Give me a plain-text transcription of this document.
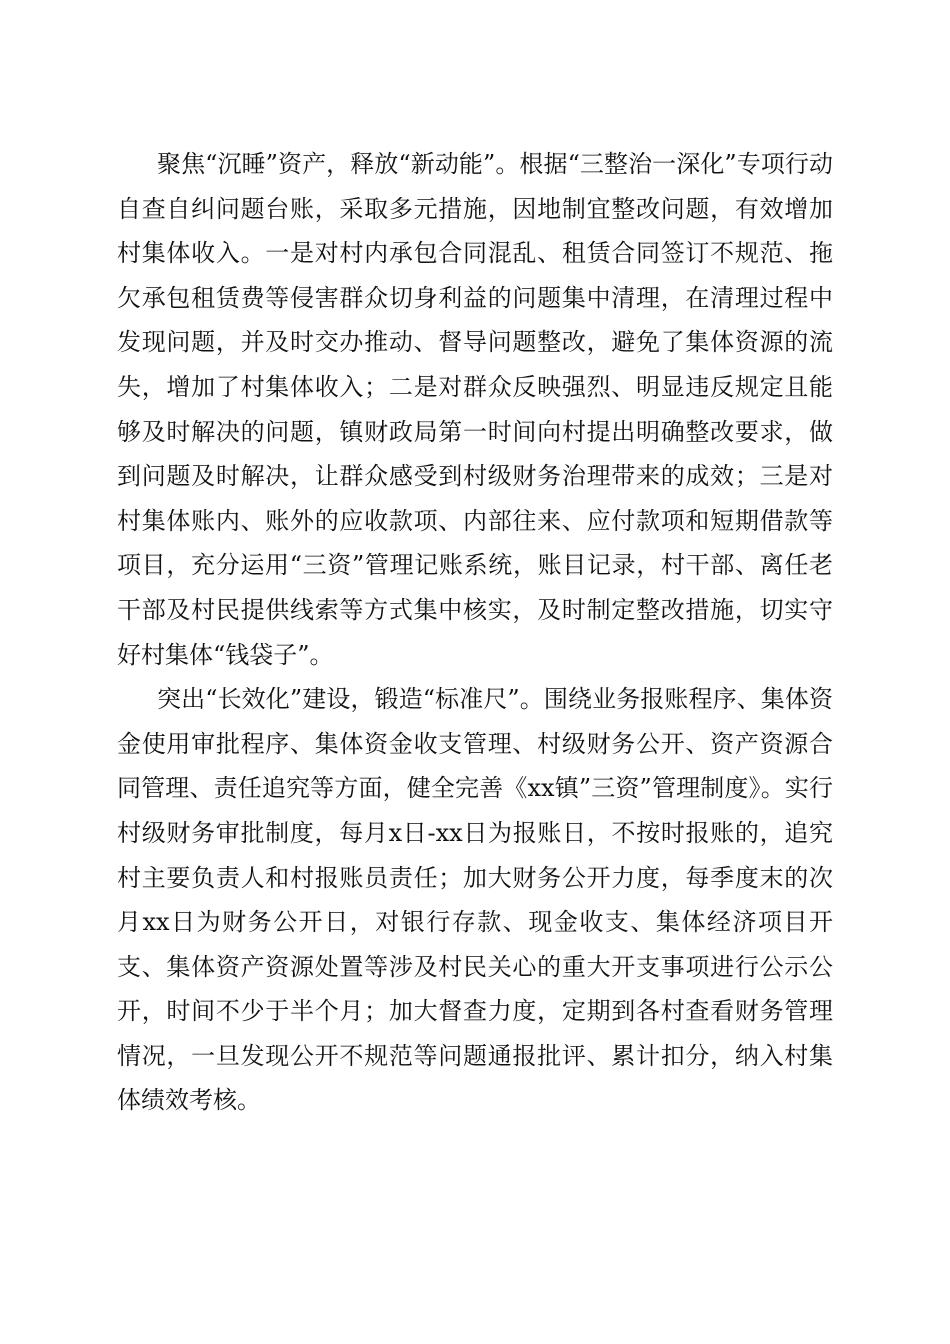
聚焦“沉睡”资产，释放“新动能”。根据“三整治一深化”专项行动自查自纠问题台账，采取多元措施，因地制宜整改问题，有效增加村集体收入。一是对村内承包合同混乱、租赁合同签订不规范、拖欠承包租赁费等侵害群众切身利益的问题集中清理，在清理过程中发现问题，并及时交办推动、督导问题整改，避免了集体资源的流失，增加了村集体收入；二是对群众反映强烈、明显违反规定且能够及时解决的问题，镇财政局第一时间向村提出明确整改要求，做到问题及时解决，让群众感受到村级财务治理带来的成效；三是对村集体账内、账外的应收款项、内部往来、应付款项和短期借款等项目，充分运用“三资”管理记账系统，账目记录，村干部、离任老干部及村民提供线索等方式集中核实，及时制定整改措施，切实守好村集体“钱袋子”。

突出“长效化”建设，锻造“标准尺”。围绕业务报账程序、集体资金使用审批程序、集体资金收支管理、村级财务公开、资产资源合同管理、责任追究等方面，健全完善《xx镇”三资”管理制度》。实行村级财务审批制度，每月x日-xx日为报账日，不按时报账的，追究村主要负责人和村报账员责任；加大财务公开力度，每季度末的次月xx日为财务公开日，对银行存款、现金收支、集体经济项目开支、集体资产资源处置等涉及村民关心的重大开支事项进行公示公开，时间不少于半个月；加大督查力度，定期到各村查看财务管理情况，一旦发现公开不规范等问题通报批评、累计扣分，纳入村集体绩效考核。
